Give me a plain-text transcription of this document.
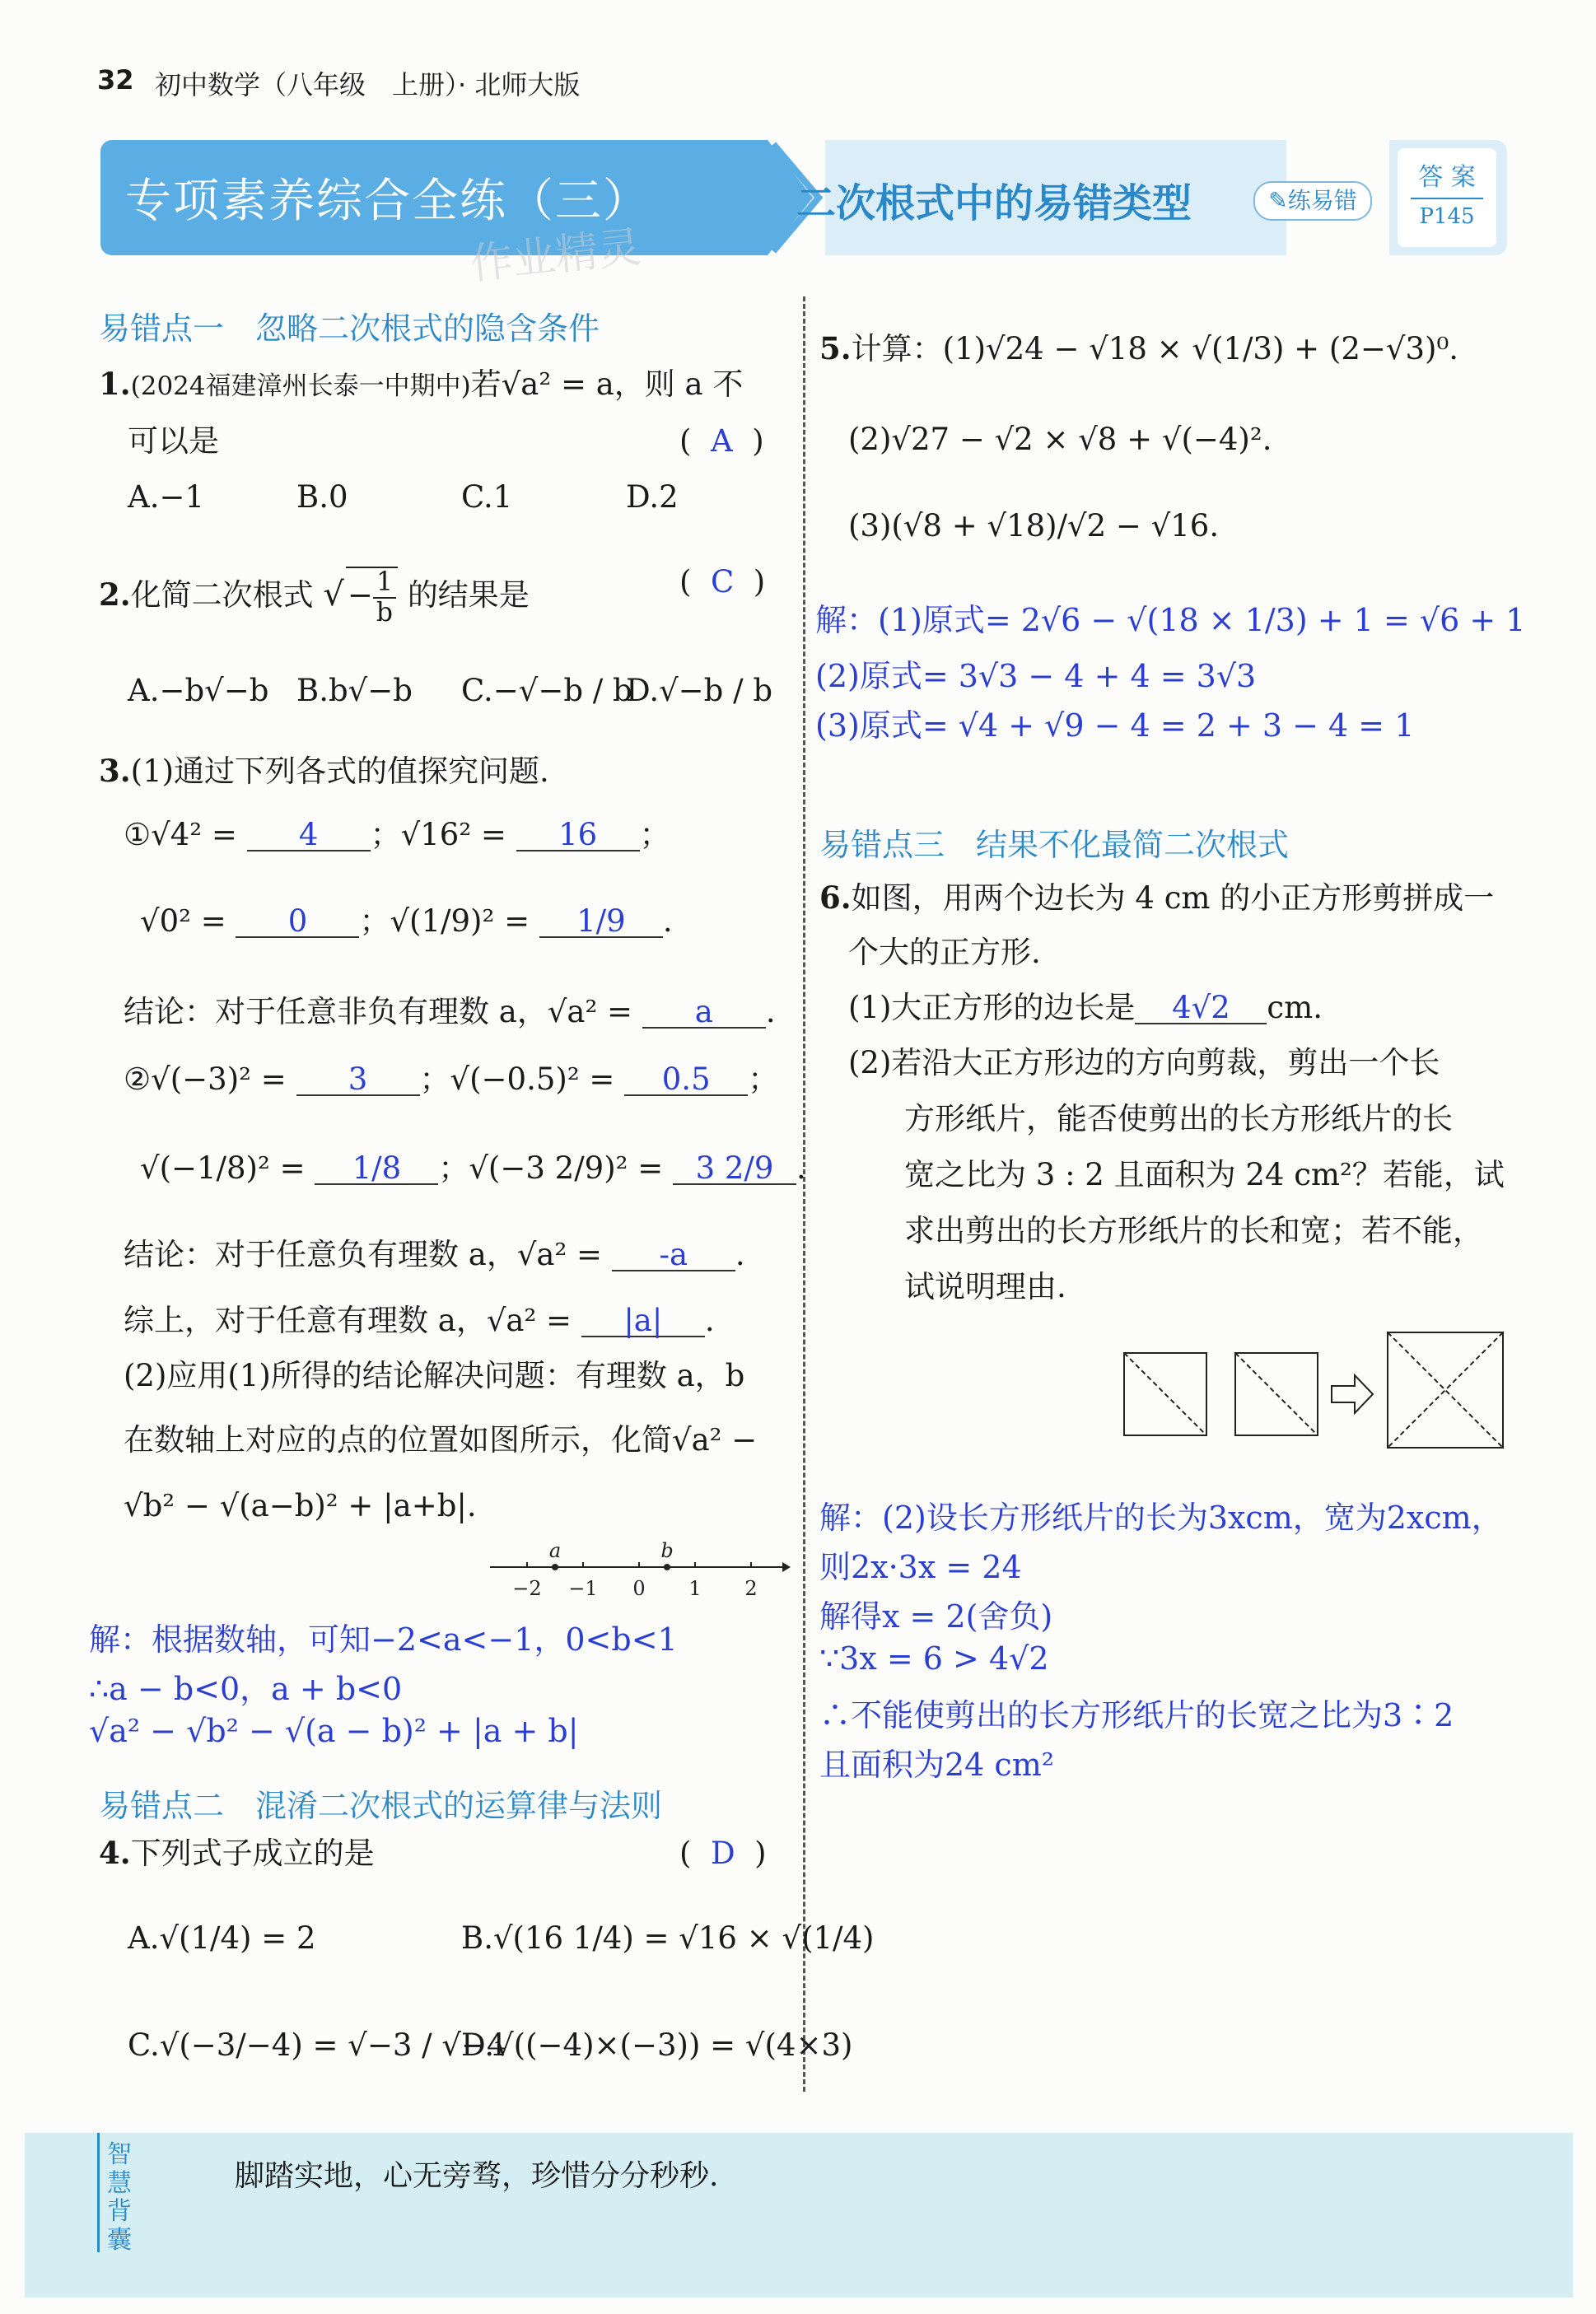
32 初中数学（八年级　上册）· 北师大版
专项素养综合全练（三）	二次根式中的易错类型	✎练易错
答 案
P145
作业精灵
易错点一　忽略二次根式的隐含条件
1.(2024福建漳州长泰一中期中)若√a² = a，则 a 不
可以是	(  A  )
A.−1	B.0	C.1	D.2
2.化简二次根式 √ − $\frac{1}{b}$ 的结果是	(  C  )
A.−b√−b B.b√−b C.−√−b / b
D.√−b / b
3.(1)通过下列各式的值探究问题.
①√4² = 4 ；√16² = 16 ；
√0² = 0 ；√(1/9)² = 1/9 .
结论：对于任意非负有理数 a，√a² = a .
②√(−3)² = 3 ；√(−0.5)² = 0.5 ；
√(−1/8)² = 1/8 ；√(−3 2/9)² = 3 2/9 .
结论：对于任意负有理数 a，√a² = -a .
综上，对于任意有理数 a，√a² = |a| .
(2)应用(1)所得的结论解决问题：有理数 a，b
在数轴上对应的点的位置如图所示，化简√a² −
√b² − √(a−b)² + |a+b|.
−2 −1 0 1 2
a	b
解：根据数轴，可知−2<a<−1，0<b<1
∴a − b<0，a + b<0
√a² − √b² − √(a − b)² + |a + b|
易错点二　混淆二次根式的运算律与法则
4.下列式子成立的是	(  D  )
A.√(1/4) = 2	B.√(16 1/4) = √16 × √(1/4)
C.√(−3/−4) = √−3 / √−4
D.√((−4)×(−3)) = √(4×3)
5.计算：(1)√24 − √18 × √(1/3) + (2−√3)⁰.
(2)√27 − √2 × √8 + √(−4)².
(3)(√8 + √18)/√2 − √16.
解：(1)原式= 2√6 − √(18 × 1/3) + 1 = √6 + 1
(2)原式= 3√3 − 4 + 4 = 3√3
(3)原式= √4 + √9 − 4 = 2 + 3 − 4 = 1
易错点三　结果不化最简二次根式
6.如图，用两个边长为 4 cm 的小正方形剪拼成一
个大的正方形.
(1)大正方形的边长是 4√2 cm.
(2)若沿大正方形边的方向剪裁，剪出一个长
方形纸片，能否使剪出的长方形纸片的长
宽之比为 3 : 2 且面积为 24 cm²？若能，试
求出剪出的长方形纸片的长和宽；若不能，
试说明理由.
解：(2)设长方形纸片的长为3xcm，宽为2xcm，
则2x·3x = 24
解得x = 2(舍负)
∵3x = 6 > 4√2
∴不能使剪出的长方形纸片的长宽之比为3∶2
且面积为24 cm²
智慧背囊
脚踏实地，心无旁骛，珍惜分分秒秒.
